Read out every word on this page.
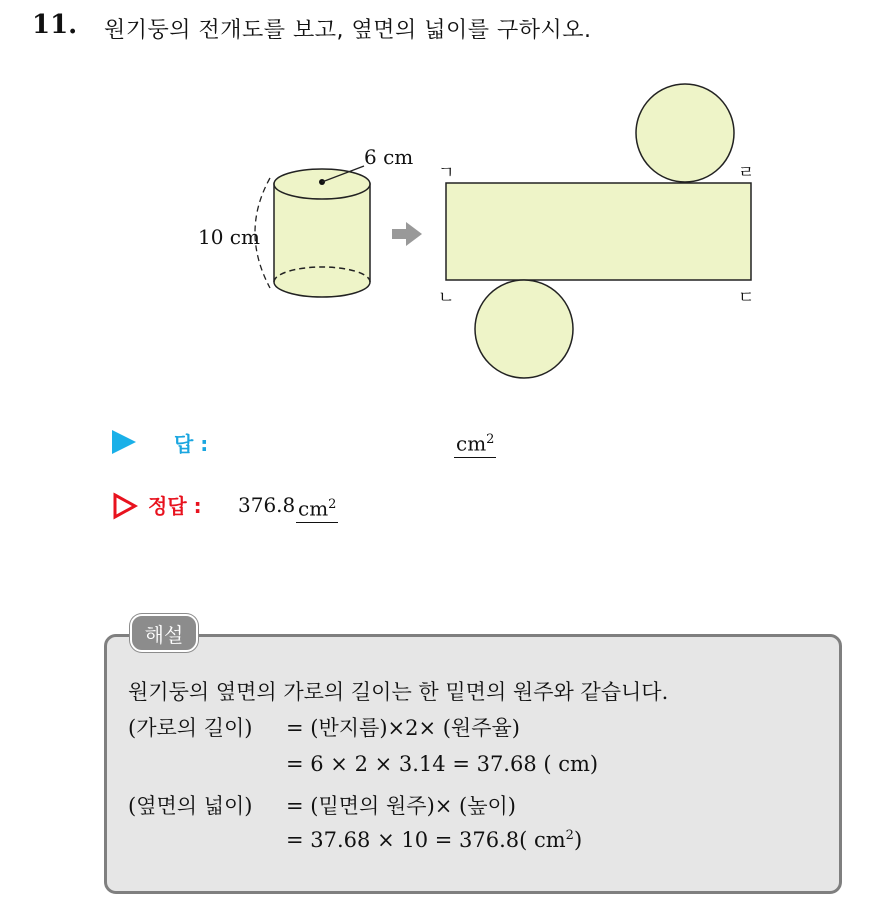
11. 원기둥의 전개도를 보고, 옆면의 넓이를 구하시오.
6 cm
10 cm
ㄱ
ㄴ	ㄷ
ㄹ
답 :	$cm^2$
정답 : 376.8 $cm^2$
해설
원기둥의 옆면의 가로의 길이는 한 밑면의 원주와 같습니다.
(가로의 길이) = (반지름)×2× (원주율)
= 6 × 2 × 3.14 = 37.68 ( cm)
(옆면의 넓이) = (밑면의 원주)× (높이)
= 37.68 × 10 = 376.8( $cm^2$)
